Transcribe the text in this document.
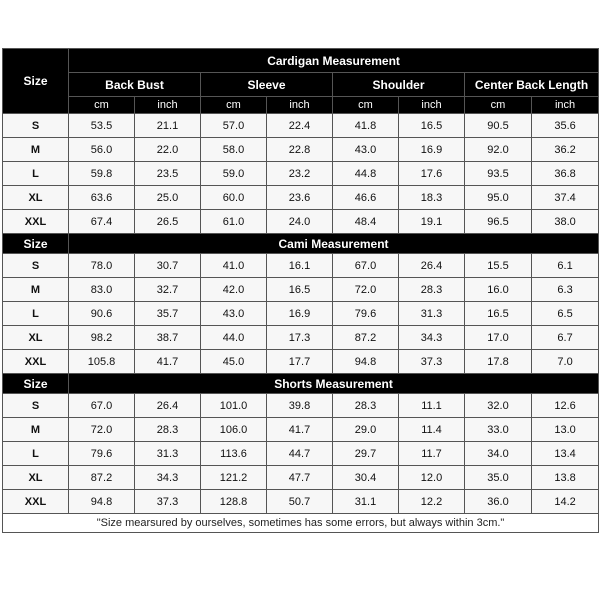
Size	Cardigan Measurement							
	Back Bust		Sleeve		Shoulder		Center Back Length	
	cm	inch	cm	inch	cm	inch	cm	inch
S	53.5	21.1	57.0	22.4	41.8	16.5	90.5	35.6
M	56.0	22.0	58.0	22.8	43.0	16.9	92.0	36.2
L	59.8	23.5	59.0	23.2	44.8	17.6	93.5	36.8
XL	63.6	25.0	60.0	23.6	46.6	18.3	95.0	37.4
XXL	67.4	26.5	61.0	24.0	48.4	19.1	96.5	38.0
Size	Cami Measurement							
S	78.0	30.7	41.0	16.1	67.0	26.4	15.5	6.1
M	83.0	32.7	42.0	16.5	72.0	28.3	16.0	6.3
L	90.6	35.7	43.0	16.9	79.6	31.3	16.5	6.5
XL	98.2	38.7	44.0	17.3	87.2	34.3	17.0	6.7
XXL	105.8	41.7	45.0	17.7	94.8	37.3	17.8	7.0
Size	Shorts Measurement							
S	67.0	26.4	101.0	39.8	28.3	11.1	32.0	12.6
M	72.0	28.3	106.0	41.7	29.0	11.4	33.0	13.0
L	79.6	31.3	113.6	44.7	29.7	11.7	34.0	13.4
XL	87.2	34.3	121.2	47.7	30.4	12.0	35.0	13.8
XXL	94.8	37.3	128.8	50.7	31.1	12.2	36.0	14.2
"Size mearsured by ourselves, sometimes has some errors, but always within 3cm."								
